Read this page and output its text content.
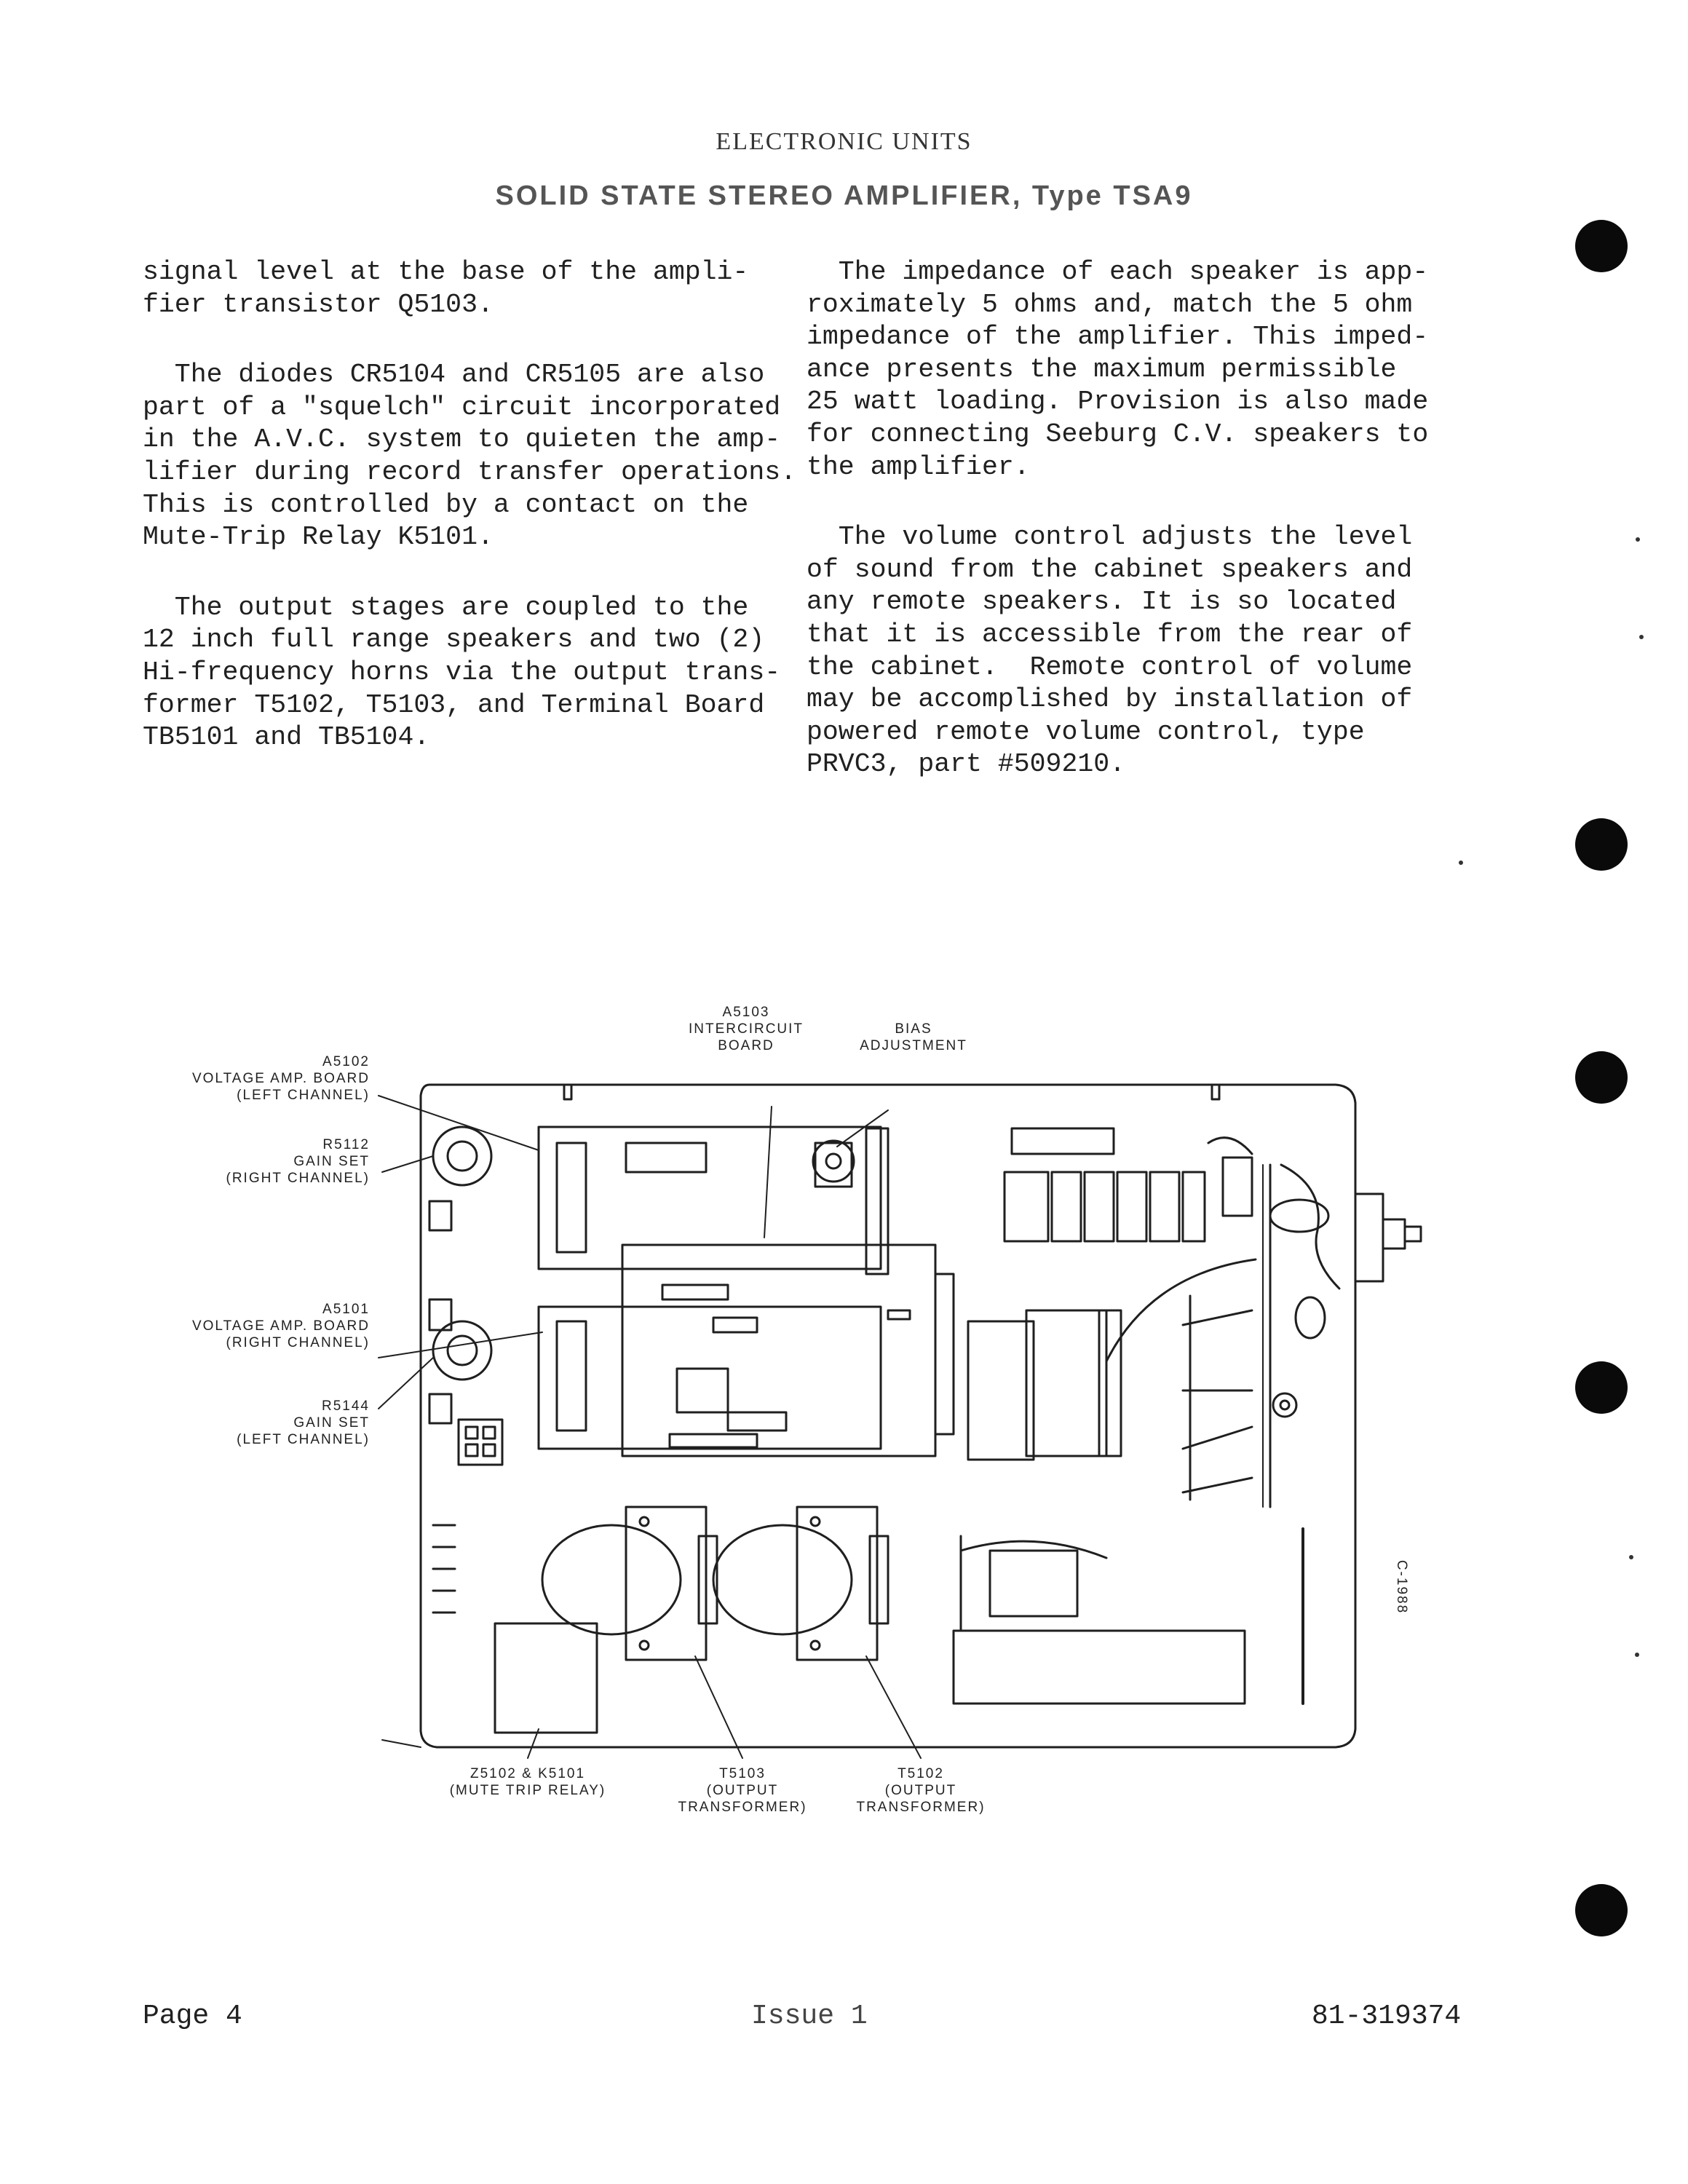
ELECTRONIC UNITS
SOLID STATE STEREO AMPLIFIER, Type TSA9

signal level at the base of the ampli-
fier transistor Q5103.

The diodes CR5104 and CR5105 are also
part of a "squelch" circuit incorporated
in the A.V.C. system to quieten the amp-
lifier during record transfer operations.
This is controlled by a contact on the
Mute-Trip Relay K5101.

The output stages are coupled to the
12 inch full range speakers and two (2)
Hi-frequency horns via the output trans-
former T5102, T5103, and Terminal Board
TB5101 and TB5104.

The impedance of each speaker is app-
roximately 5 ohms and, match the 5 ohm
impedance of the amplifier. This imped-
ance presents the maximum permissible
25 watt loading. Provision is also made
for connecting Seeburg C.V. speakers to
the amplifier.

The volume control adjusts the level
of sound from the cabinet speakers and
any remote speakers. It is so located
that it is accessible from the rear of
the cabinet.  Remote control of volume
may be accomplished by installation of
powered remote volume control, type
PRVC3, part #509210.

A5103 INTERCIRCUIT BOARD
BIAS ADJUSTMENT
A5102 VOLTAGE AMP. BOARD (LEFT CHANNEL)
R5112 GAIN SET (RIGHT CHANNEL)
A5101 VOLTAGE AMP. BOARD (RIGHT CHANNEL)
R5144 GAIN SET (LEFT CHANNEL)
Z5102 & K5101 (MUTE TRIP RELAY)
T5103 (OUTPUT TRANSFORMER)
T5102 (OUTPUT TRANSFORMER)
C-1988
Page 4	Issue 1	81-319374
